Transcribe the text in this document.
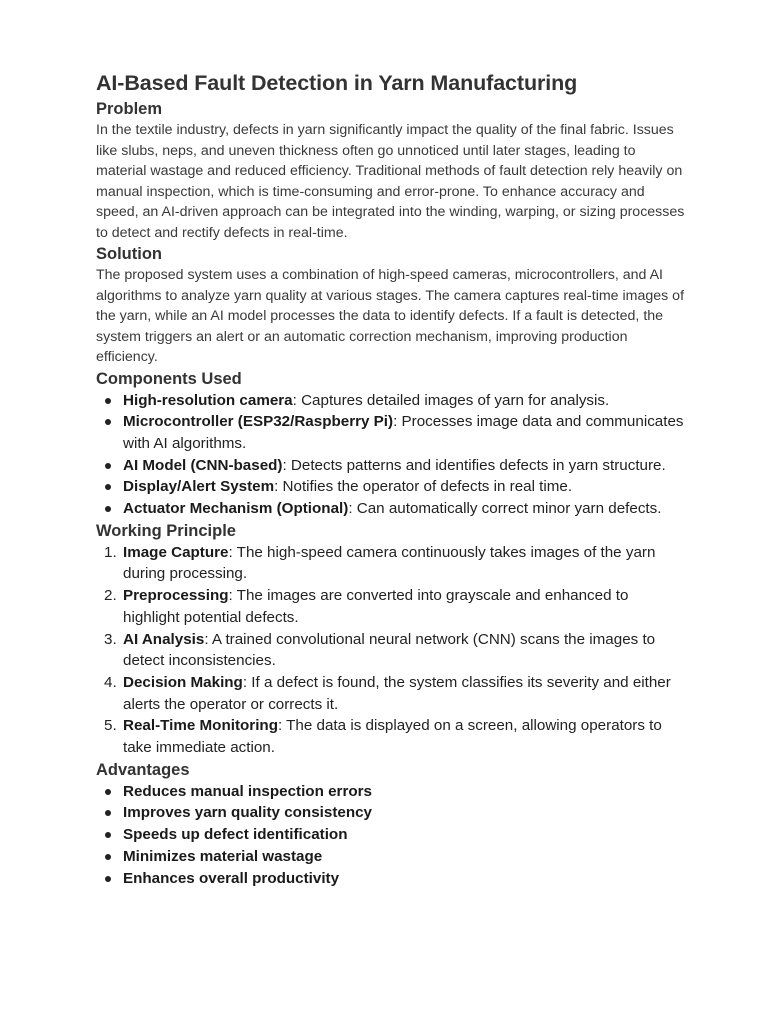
AI-Based Fault Detection in Yarn Manufacturing
Problem

In the textile industry, defects in yarn significantly impact the quality of the final fabric. Issues like slubs, neps, and uneven thickness often go unnoticed until later stages, leading to material wastage and reduced efficiency. Traditional methods of fault detection rely heavily on manual inspection, which is time-consuming and error-prone. To enhance accuracy and speed, an AI-driven approach can be integrated into the winding, warping, or sizing processes to detect and rectify defects in real-time.

Solution

The proposed system uses a combination of high-speed cameras, microcontrollers, and AI algorithms to analyze yarn quality at various stages. The camera captures real-time images of the yarn, while an AI model processes the data to identify defects. If a fault is detected, the system triggers an alert or an automatic correction mechanism, improving production efficiency.

Components Used
High-resolution camera: Captures detailed images of yarn for analysis.
Microcontroller (ESP32/Raspberry Pi): Processes image data and communicates with AI algorithms.
AI Model (CNN-based): Detects patterns and identifies defects in yarn structure.
Display/Alert System: Notifies the operator of defects in real time.
Actuator Mechanism (Optional): Can automatically correct minor yarn defects.
Working Principle
1. Image Capture: The high-speed camera continuously takes images of the yarn during processing.
2. Preprocessing: The images are converted into grayscale and enhanced to highlight potential defects.
3. AI Analysis: A trained convolutional neural network (CNN) scans the images to detect inconsistencies.
4. Decision Making: If a defect is found, the system classifies its severity and either alerts the operator or corrects it.
5. Real-Time Monitoring: The data is displayed on a screen, allowing operators to take immediate action.
Advantages
Reduces manual inspection errors
Improves yarn quality consistency
Speeds up defect identification
Minimizes material wastage
Enhances overall productivity
